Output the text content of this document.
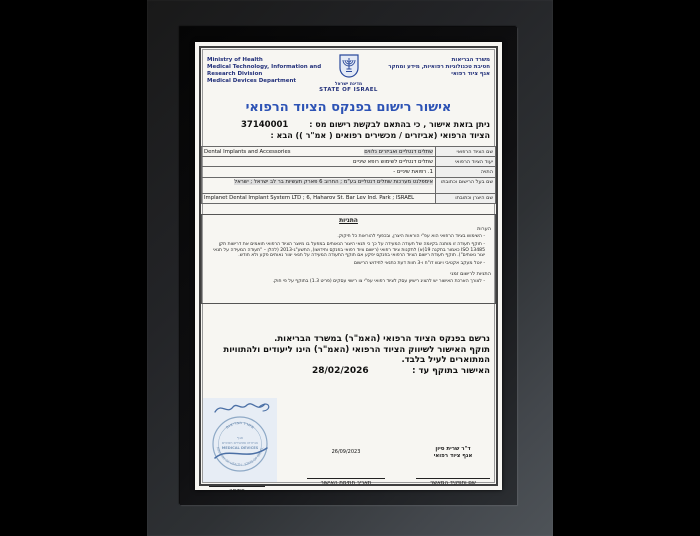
Ministry of Health
Medical Technology, Information and Research Division
Medical Devices Department
מדינת ישראל
STATE OF ISRAEL
משרד הבריאות
חטיבת טכנולוגיות רפואיות, מידע ומחקר
אגף ציוד רפואי
אישור רישום בפנקס הציוד הרפואי
ניתן בזאת אישור , כי בהתאם לבקשת רישום מס :
37140001
הציוד הרפואי (אביזרים / מכשירים רפואים ( אמ"ר )) הבא :
שם הציוד הרפואי	Dental Implants and Accessories שתלים דנטליים ואביזרים נלווים
יעוד הציוד הרפואי	שתלים דנטליים לשימוש רופא שיניים
התויה	1. רפואת שיניים -
שם בעל הרישום וכתובתו	אימפלנט מערכות שתלים דנטליים בע"מ ; החרוב 6 פארק תעשיות בר לב ישראל ; ישראל
שם היצרן וכתובתו	Implanet Dental Implant System LTD ; 6, Haharov St. Bar Lev Ind. Park ; ISRAEL
התניות
הערות
- השימוש בציוד הרפואי הוא עפ"י הוראות היצרן, ובכפוף להוראות כל חיקוק.
- תוקף תעודה זו מותנה בקיומה של תעודה המעידה על כך כי תנאי היצור הנאותים במפעל בו מיוצר הציוד הרפואי תואמים את דרישות תקן ISO 13485 כאמור בתקנה 19(א) לתקנות ציוד רפואי (רישום ציוד רפואי בפנקס וחידושו), התשע"ג-2013 (להלן – "תעודה המעידה על תנאי יצור נאותים"). תוקף תעודת רישום הציוד הרפואי בפנקס יפקע אם תוקף התעודה המעידה על תנאי יצור נאותים פקע ולא חודש.
- יוטל מעקב אקטיבי ויוגש דו"ח ו-3 חוות דעת כתנאי לחידוש הרישום
התניות לרישום זמני
- לצורך הארכת האישור יש להציג רישיון עסק לציוד רפואי עפ"י צו רישוי עסקים (פריט 1.3) בתוקף על פי חוק.
נרשם בפנקס הציוד הרפואי (האמ"ר) במשרד הבריאות.
תוקף האישור לשיווק הציוד הרפואי (האמ"ר) הינו ליעודים ולהתוויות
המתוארים לעיל בלבד.
האישור בתוקף עד :
28/02/2026
משרד הבריאות
אגף
אביזרים ומכשירים רפואיים
MEDICAL DEVICES
MINISTRY OF HEALTH · STATE OF ISRAEL
26/09/2023	ד"ר שרית סיון
אגף ציוד רפואי
חתימה
תאריך חתימת האישור	שם ותפקיד המאשר
